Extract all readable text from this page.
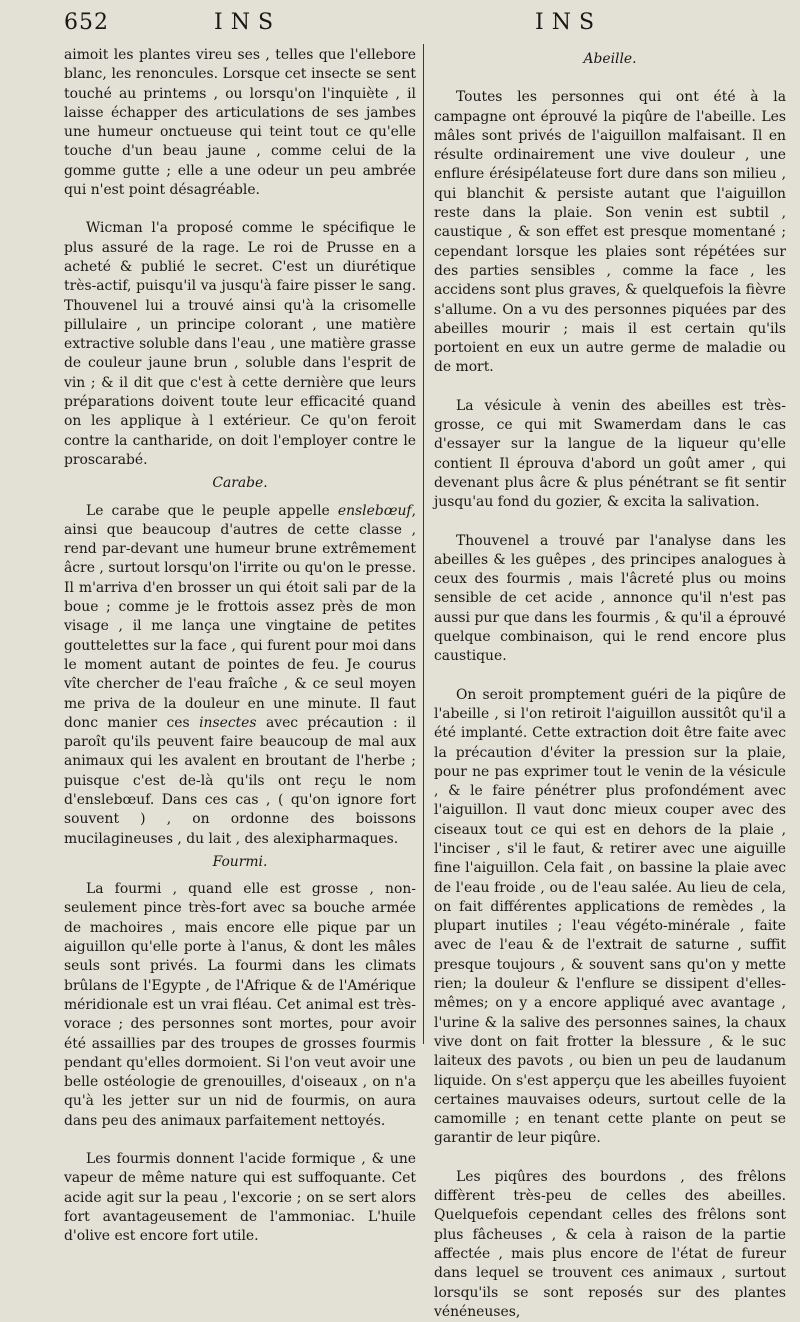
652	INS	INS

aimoit les plantes vireu ses , telles que l'ellebore blanc, les renoncules. Lorsque cet insecte se sent touché au printems , ou lorsqu'on l'inquiète , il laisse échapper des articulations de ses jambes une humeur onctueuse qui teint tout ce qu'elle touche d'un beau jaune , comme celui de la gomme gutte ; elle a une odeur un peu ambrée qui n'est point désagréable.

Wicman l'a proposé comme le spécifique le plus assuré de la rage. Le roi de Prusse en a acheté & publié le secret. C'est un diurétique très-actif, puisqu'il va jusqu'à faire pisser le sang. Thouvenel lui a trouvé ainsi qu'à la crisomelle pillulaire , un principe colorant , une matière extractive soluble dans l'eau , une matière grasse de couleur jaune brun , soluble dans l'esprit de vin ; & il dit que c'est à cette dernière que leurs préparations doivent toute leur efficacité quand on les applique à l extérieur. Ce qu'on feroit contre la cantharide, on doit l'employer contre le proscarabé.

Carabe.

Le carabe que le peuple appelle enslebœuf, ainsi que beaucoup d'autres de cette classe , rend par-devant une humeur brune extrêmement âcre , surtout lorsqu'on l'irrite ou qu'on le presse. Il m'arriva d'en brosser un qui étoit sali par de la boue ; comme je le frottois assez près de mon visage , il me lança une vingtaine de petites gouttelettes sur la face , qui furent pour moi dans le moment autant de pointes de feu. Je courus vîte chercher de l'eau fraîche , & ce seul moyen me priva de la douleur en une minute. Il faut donc manier ces insectes avec précaution : il paroît qu'ils peuvent faire beaucoup de mal aux animaux qui les avalent en broutant de l'herbe ; puisque c'est de-là qu'ils ont reçu le nom d'enslebœuf. Dans ces cas , ( qu'on ignore fort souvent ) , on ordonne des boissons mucilagineuses , du lait , des alexipharmaques.

Fourmi.

La fourmi , quand elle est grosse , non-seulement pince très-fort avec sa bouche armée de machoires , mais encore elle pique par un aiguillon qu'elle porte à l'anus, & dont les mâles seuls sont privés. La fourmi dans les climats brûlans de l'Egypte , de l'Afrique & de l'Amérique méridionale est un vrai fléau. Cet animal est très-vorace ; des personnes sont mortes, pour avoir été assaillies par des troupes de grosses fourmis pendant qu'elles dormoient. Si l'on veut avoir une belle ostéologie de grenouilles, d'oiseaux , on n'a qu'à les jetter sur un nid de fourmis, on aura dans peu des animaux parfaitement nettoyés.

Les fourmis donnent l'acide formique , & une vapeur de même nature qui est suffoquante. Cet acide agit sur la peau , l'excorie ; on se sert alors fort avantageusement de l'ammoniac. L'huile d'olive est encore fort utile.

Abeille.

Toutes les personnes qui ont été à la campagne ont éprouvé la piqûre de l'abeille. Les mâles sont privés de l'aiguillon malfaisant. Il en résulte ordinairement une vive douleur , une enflure érésipélateuse fort dure dans son milieu , qui blanchit & persiste autant que l'aiguillon reste dans la plaie. Son venin est subtil , caustique , & son effet est presque momentané ; cependant lorsque les plaies sont répétées sur des parties sensibles , comme la face , les accidens sont plus graves, & quelquefois la fièvre s'allume. On a vu des personnes piquées par des abeilles mourir ; mais il est certain qu'ils portoient en eux un autre germe de maladie ou de mort.

La vésicule à venin des abeilles est très-grosse, ce qui mit Swamerdam dans le cas d'essayer sur la langue de la liqueur qu'elle contient Il éprouva d'abord un goût amer , qui devenant plus âcre & plus pénétrant se fit sentir jusqu'au fond du gozier, & excita la salivation.

Thouvenel a trouvé par l'analyse dans les abeilles & les guêpes , des principes analogues à ceux des fourmis , mais l'âcreté plus ou moins sensible de cet acide , annonce qu'il n'est pas aussi pur que dans les fourmis , & qu'il a éprouvé quelque combinaison, qui le rend encore plus caustique.

On seroit promptement guéri de la piqûre de l'abeille , si l'on retiroit l'aiguillon aussitôt qu'il a été implanté. Cette extraction doit être faite avec la précaution d'éviter la pression sur la plaie, pour ne pas exprimer tout le venin de la vésicule , & le faire pénétrer plus profondément avec l'aiguillon. Il vaut donc mieux couper avec des ciseaux tout ce qui est en dehors de la plaie , l'inciser , s'il le faut, & retirer avec une aiguille fine l'aiguillon. Cela fait , on bassine la plaie avec de l'eau froide , ou de l'eau salée. Au lieu de cela, on fait différentes applications de remèdes , la plupart inutiles ; l'eau végéto-minérale , faite avec de l'eau & de l'extrait de saturne , suffit presque toujours , & souvent sans qu'on y mette rien; la douleur & l'enflure se dissipent d'elles-mêmes; on y a encore appliqué avec avantage , l'urine & la salive des personnes saines, la chaux vive dont on fait frotter la blessure , & le suc laiteux des pavots , ou bien un peu de laudanum liquide. On s'est apperçu que les abeilles fuyoient certaines mauvaises odeurs, surtout celle de la camomille ; en tenant cette plante on peut se garantir de leur piqûre.

Les piqûres des bourdons , des frêlons diffèrent très-peu de celles des abeilles. Quelquefois cependant celles des frêlons sont plus fâcheuses , & cela à raison de la partie affectée , mais plus encore de l'état de fureur dans lequel se trouvent ces animaux , surtout lorsqu'ils se sont reposés sur des plantes vénéneuses,
